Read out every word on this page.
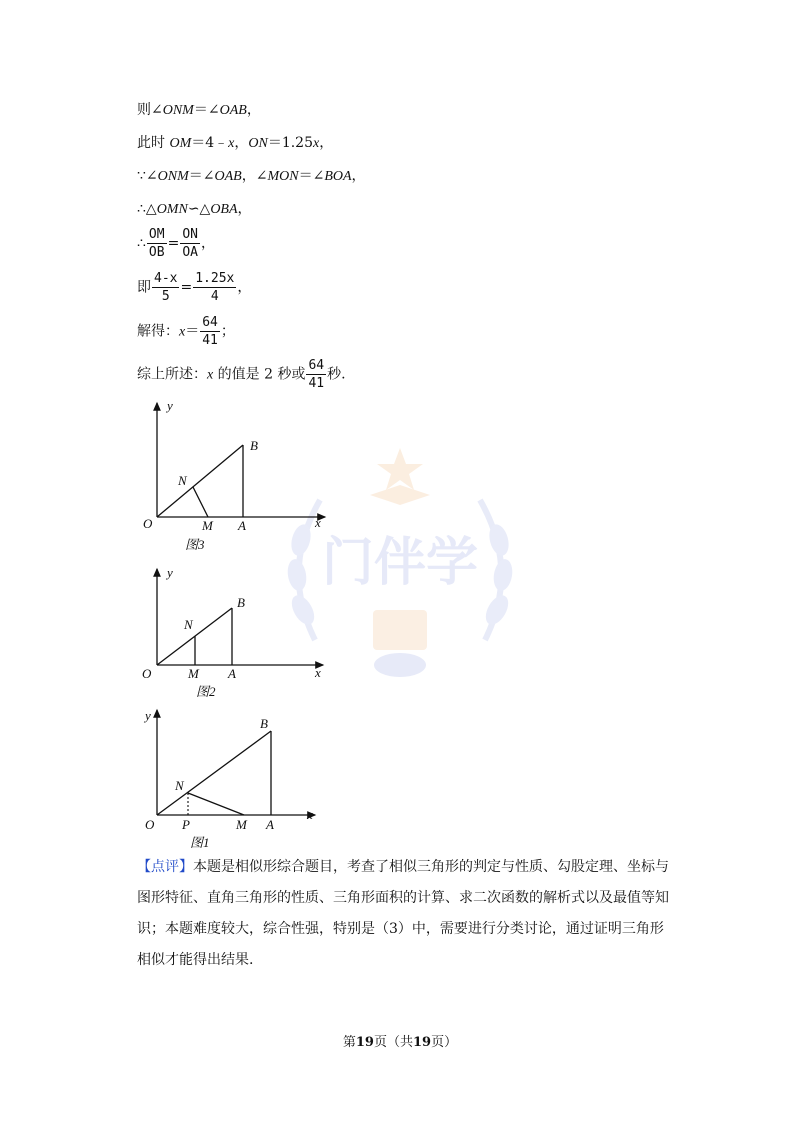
门伴学
则∠ONM＝∠OAB，
此时 OM＝4﹣x，ON＝1.25x，
∵∠ONM＝∠OAB，∠MON＝∠BOA，
∴△OMN∽△OBA，
∴ $\frac{OM}{OB} = \frac{ON}{OA}$ ，
即 $\frac{4-x}{5} = \frac{1.25x}{4}$ ，
解得：$x= \frac{64}{41}$ ；
综上所述：x 的值是 2 秒或 $\frac{64}{41}$ 秒.
y
x
O
N
M A
B
图3
y
x
O
N
M A
B
图2
y
x
O
N
P	M A
B
图1
【点评】本题是相似形综合题目，考查了相似三角形的判定与性质、勾股定理、坐标与图形特征、直角三角形的性质、三角形面积的计算、求二次函数的解析式以及最值等知识；本题难度较大，综合性强，特别是（3）中，需要进行分类讨论，通过证明三角形相似才能得出结果.
第19页（共19页）
